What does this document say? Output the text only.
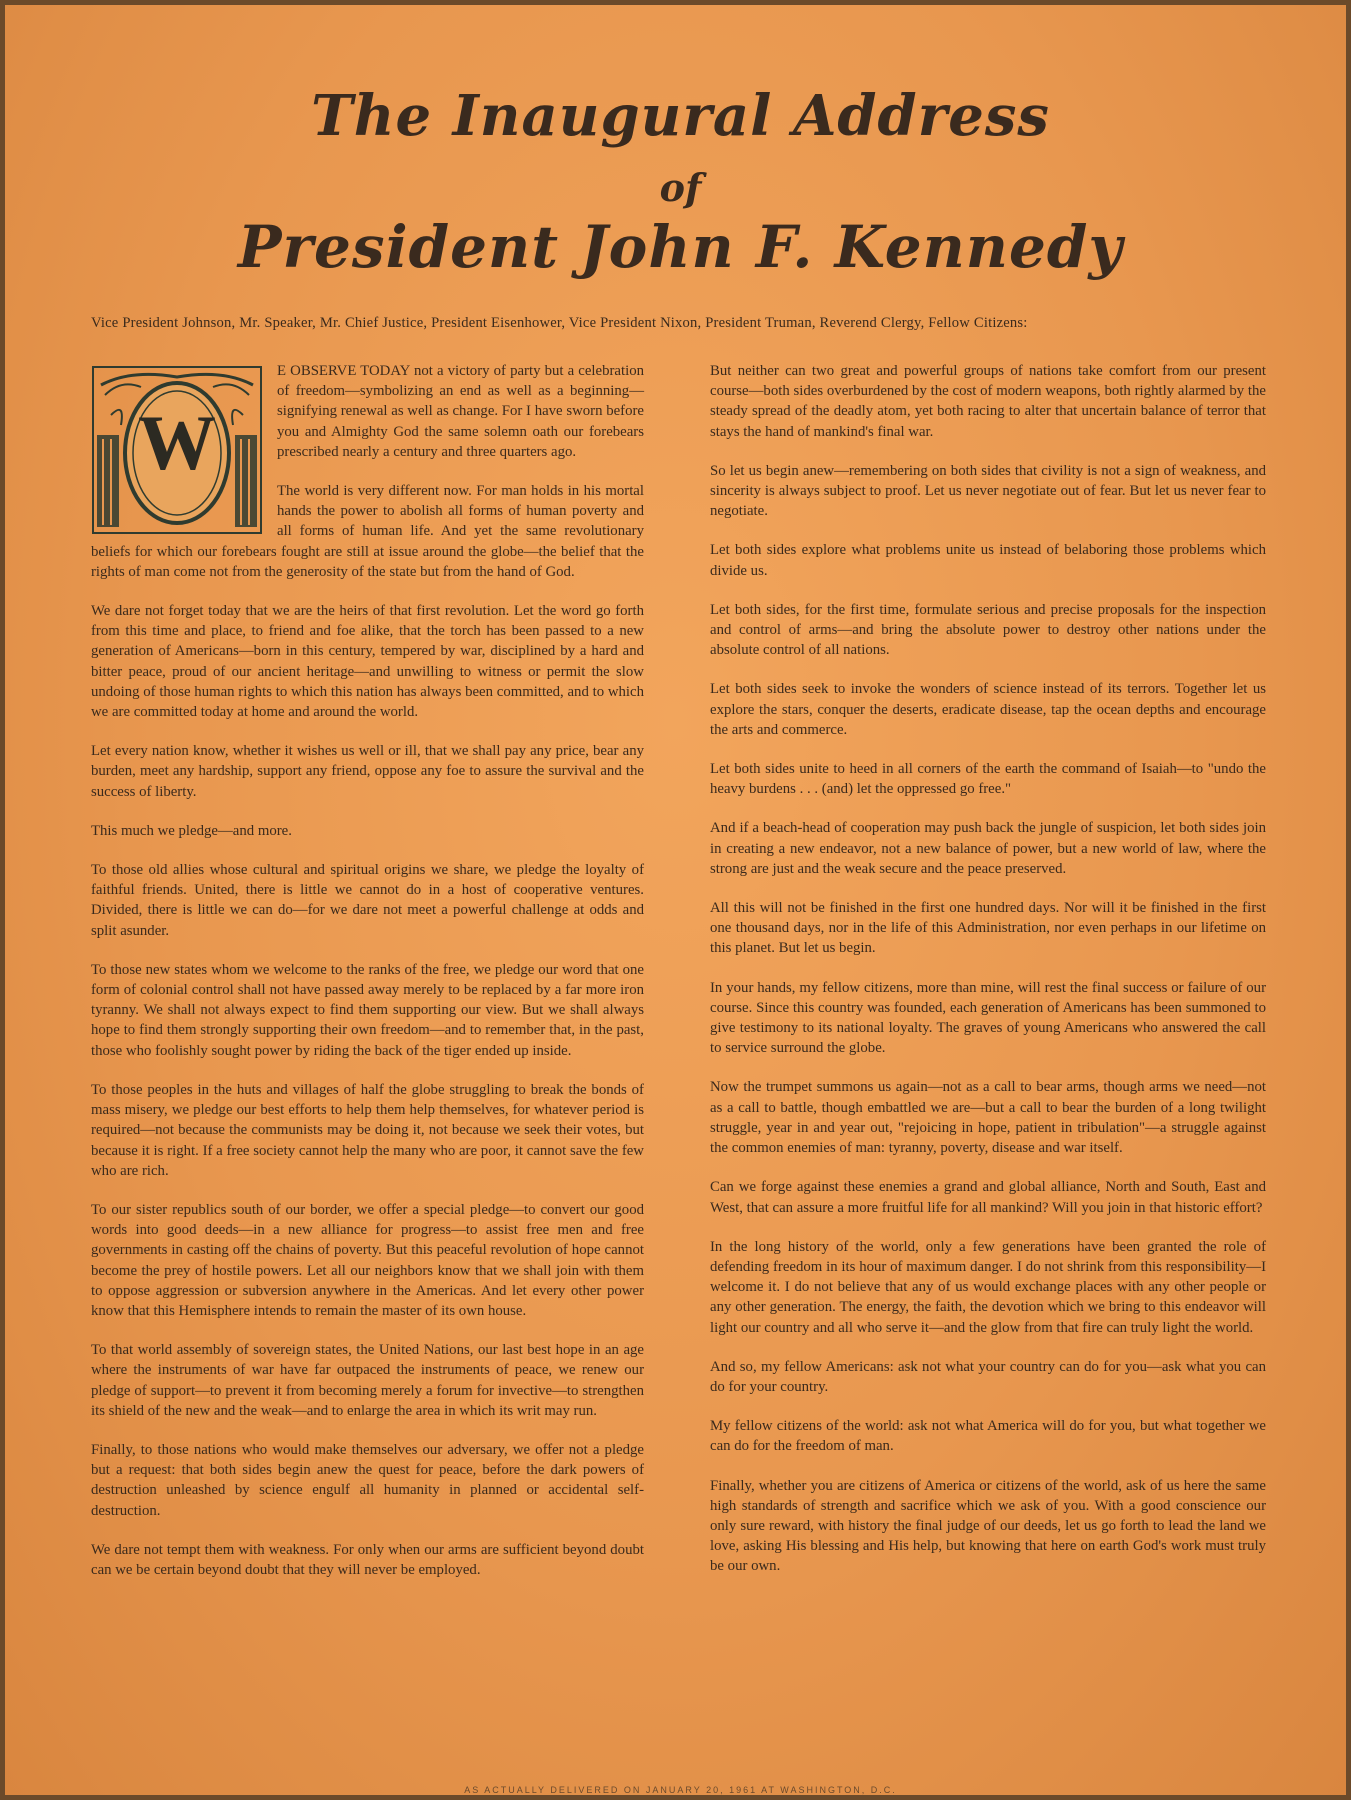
The Inaugural Address
of
President John F. Kennedy
Vice President Johnson, Mr. Speaker, Mr. Chief Justice, President Eisenhower, Vice President Nixon, President Truman, Reverend Clergy, Fellow Citizens:

W
E OBSERVE TODAY not a victory of party but a celebration of freedom—symbolizing an end as well as a beginning—signifying renewal as well as change. For I have sworn before you and Almighty God the same solemn oath our forebears prescribed nearly a century and three quarters ago.

The world is very different now. For man holds in his mortal hands the power to abolish all forms of human poverty and all forms of human life. And yet the same revolutionary beliefs for which our forebears fought are still at issue around the globe—the belief that the rights of man come not from the generosity of the state but from the hand of God.

We dare not forget today that we are the heirs of that first revolution. Let the word go forth from this time and place, to friend and foe alike, that the torch has been passed to a new generation of Americans—born in this century, tempered by war, disciplined by a hard and bitter peace, proud of our ancient heritage—and unwilling to witness or permit the slow undoing of those human rights to which this nation has always been committed, and to which we are committed today at home and around the world.

Let every nation know, whether it wishes us well or ill, that we shall pay any price, bear any burden, meet any hardship, support any friend, oppose any foe to assure the survival and the success of liberty.

This much we pledge—and more.

To those old allies whose cultural and spiritual origins we share, we pledge the loyalty of faithful friends. United, there is little we cannot do in a host of cooperative ventures. Divided, there is little we can do—for we dare not meet a powerful challenge at odds and split asunder.

To those new states whom we welcome to the ranks of the free, we pledge our word that one form of colonial control shall not have passed away merely to be replaced by a far more iron tyranny. We shall not always expect to find them supporting our view. But we shall always hope to find them strongly supporting their own freedom—and to remember that, in the past, those who foolishly sought power by riding the back of the tiger ended up inside.

To those peoples in the huts and villages of half the globe struggling to break the bonds of mass misery, we pledge our best efforts to help them help themselves, for whatever period is required—not because the communists may be doing it, not because we seek their votes, but because it is right. If a free society cannot help the many who are poor, it cannot save the few who are rich.

To our sister republics south of our border, we offer a special pledge—to convert our good words into good deeds—in a new alliance for progress—to assist free men and free governments in casting off the chains of poverty. But this peaceful revolution of hope cannot become the prey of hostile powers. Let all our neighbors know that we shall join with them to oppose aggression or subversion anywhere in the Americas. And let every other power know that this Hemisphere intends to remain the master of its own house.

To that world assembly of sovereign states, the United Nations, our last best hope in an age where the instruments of war have far outpaced the instruments of peace, we renew our pledge of support—to prevent it from becoming merely a forum for invective—to strengthen its shield of the new and the weak—and to enlarge the area in which its writ may run.

Finally, to those nations who would make themselves our adversary, we offer not a pledge but a request: that both sides begin anew the quest for peace, before the dark powers of destruction unleashed by science engulf all humanity in planned or accidental self-destruction.

We dare not tempt them with weakness. For only when our arms are sufficient beyond doubt can we be certain beyond doubt that they will never be employed.

But neither can two great and powerful groups of nations take comfort from our present course—both sides overburdened by the cost of modern weapons, both rightly alarmed by the steady spread of the deadly atom, yet both racing to alter that uncertain balance of terror that stays the hand of mankind's final war.

So let us begin anew—remembering on both sides that civility is not a sign of weakness, and sincerity is always subject to proof. Let us never negotiate out of fear. But let us never fear to negotiate.

Let both sides explore what problems unite us instead of belaboring those problems which divide us.

Let both sides, for the first time, formulate serious and precise proposals for the inspection and control of arms—and bring the absolute power to destroy other nations under the absolute control of all nations.

Let both sides seek to invoke the wonders of science instead of its terrors. Together let us explore the stars, conquer the deserts, eradicate disease, tap the ocean depths and encourage the arts and commerce.

Let both sides unite to heed in all corners of the earth the command of Isaiah—to "undo the heavy burdens . . . (and) let the oppressed go free."

And if a beach-head of cooperation may push back the jungle of suspicion, let both sides join in creating a new endeavor, not a new balance of power, but a new world of law, where the strong are just and the weak secure and the peace preserved.

All this will not be finished in the first one hundred days. Nor will it be finished in the first one thousand days, nor in the life of this Administration, nor even perhaps in our lifetime on this planet. But let us begin.

In your hands, my fellow citizens, more than mine, will rest the final success or failure of our course. Since this country was founded, each generation of Americans has been summoned to give testimony to its national loyalty. The graves of young Americans who answered the call to service surround the globe.

Now the trumpet summons us again—not as a call to bear arms, though arms we need—not as a call to battle, though embattled we are—but a call to bear the burden of a long twilight struggle, year in and year out, "rejoicing in hope, patient in tribulation"—a struggle against the common enemies of man: tyranny, poverty, disease and war itself.

Can we forge against these enemies a grand and global alliance, North and South, East and West, that can assure a more fruitful life for all mankind? Will you join in that historic effort?

In the long history of the world, only a few generations have been granted the role of defending freedom in its hour of maximum danger. I do not shrink from this responsibility—I welcome it. I do not believe that any of us would exchange places with any other people or any other generation. The energy, the faith, the devotion which we bring to this endeavor will light our country and all who serve it—and the glow from that fire can truly light the world.

And so, my fellow Americans: ask not what your country can do for you—ask what you can do for your country.

My fellow citizens of the world: ask not what America will do for you, but what together we can do for the freedom of man.

Finally, whether you are citizens of America or citizens of the world, ask of us here the same high standards of strength and sacrifice which we ask of you. With a good conscience our only sure reward, with history the final judge of our deeds, let us go forth to lead the land we love, asking His blessing and His help, but knowing that here on earth God's work must truly be our own.

AS ACTUALLY DELIVERED ON JANUARY 20, 1961 AT WASHINGTON, D.C.
